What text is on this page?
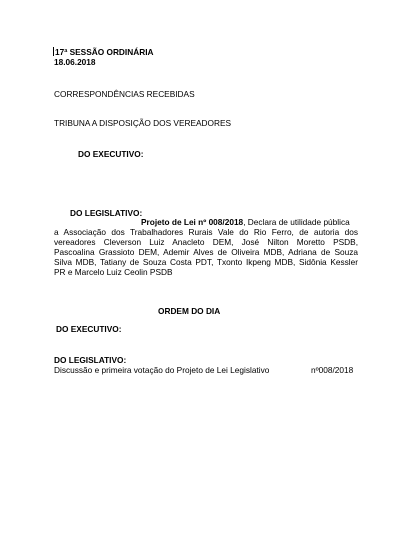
17ª SESSÃO ORDINÁRIA
18.06.2018
CORRESPONDÊNCIAS RECEBIDAS
TRIBUNA A DISPOSIÇÃO DOS VEREADORES
DO EXECUTIVO:
DO LEGISLATIVO:
Projeto de Lei nº 008/2018, Declara de utilidade pública
a Associação dos Trabalhadores Rurais Vale do Rio Ferro, de autoria dos
vereadores Cleverson Luiz Anacleto DEM, José Nilton Moretto PSDB,
Pascoalina Grassioto DEM, Ademir Alves de Oliveira MDB, Adriana de Souza
Silva MDB, Tatiany de Souza Costa PDT, Txonto Ikpeng MDB, Sidônia Kessler
PR e Marcelo Luiz Ceolin PSDB
ORDEM DO DIA
DO EXECUTIVO:
DO LEGISLATIVO:
Discussão e primeira votação do Projeto de Lei Legislativo	nº008/2018
